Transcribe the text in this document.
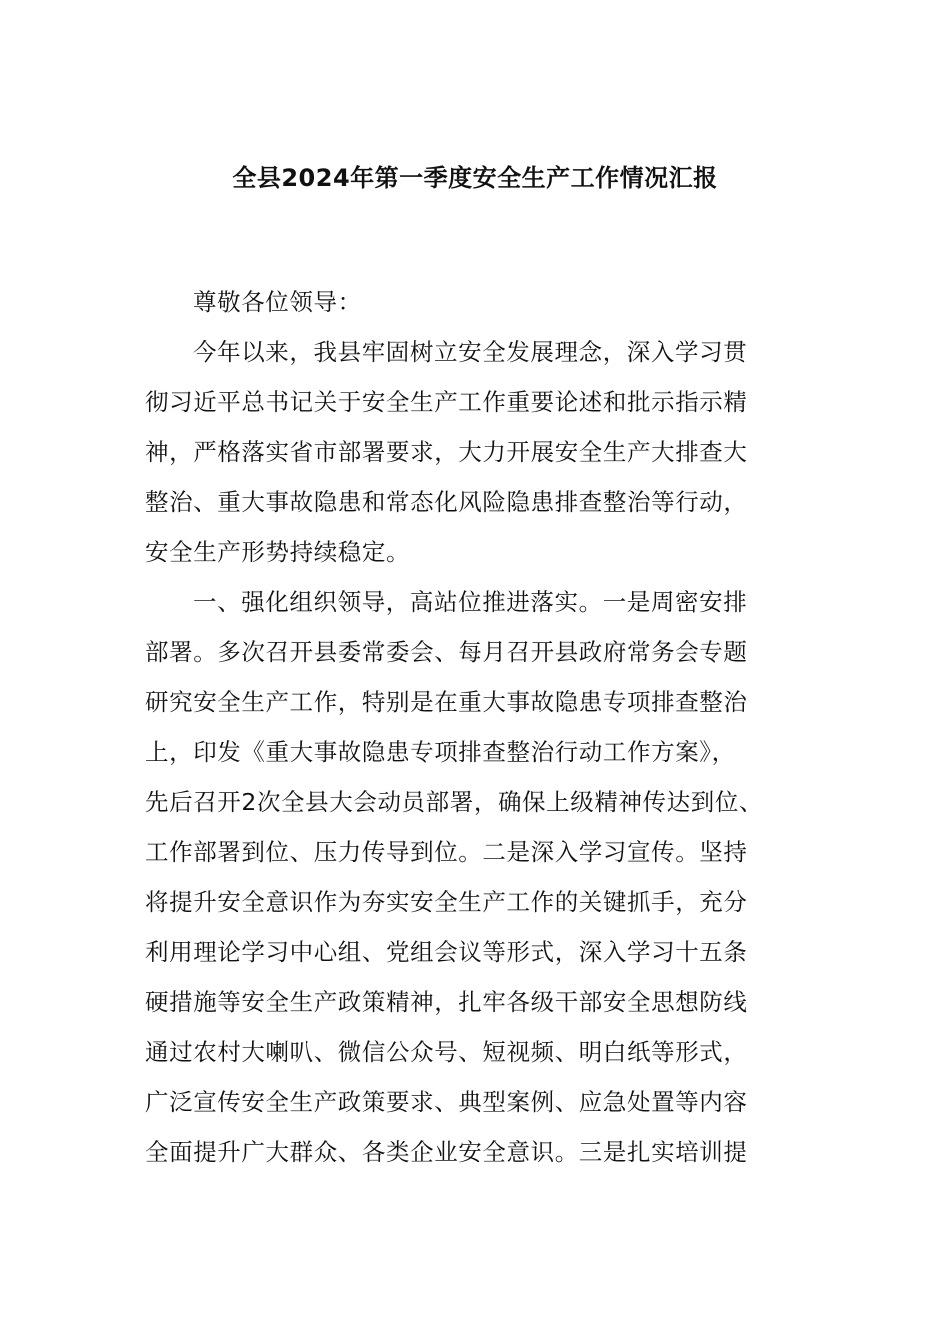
全县2024年第一季度安全生产工作情况汇报
尊敬各位领导：
今年以来，我县牢固树立安全发展理念，深入学习贯
彻习近平总书记关于安全生产工作重要论述和批示指示精
神，严格落实省市部署要求，大力开展安全生产大排查大
整治、重大事故隐患和常态化风险隐患排查整治等行动，
安全生产形势持续稳定。
一、强化组织领导，高站位推进落实。一是周密安排
部署。多次召开县委常委会、每月召开县政府常务会专题
研究安全生产工作，特别是在重大事故隐患专项排查整治
上，印发《重大事故隐患专项排查整治行动工作方案》，
先后召开2次全县大会动员部署，确保上级精神传达到位、
工作部署到位、压力传导到位。二是深入学习宣传。坚持
将提升安全意识作为夯实安全生产工作的关键抓手，充分
利用理论学习中心组、党组会议等形式，深入学习十五条
硬措施等安全生产政策精神，扎牢各级干部安全思想防线
通过农村大喇叭、微信公众号、短视频、明白纸等形式，
广泛宣传安全生产政策要求、典型案例、应急处置等内容
全面提升广大群众、各类企业安全意识。三是扎实培训提
